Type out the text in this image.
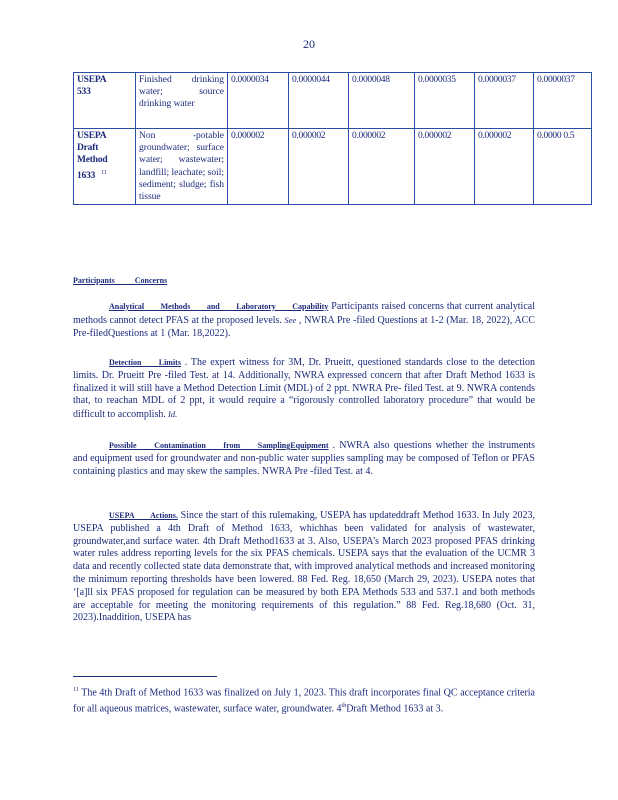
20
USEPA
533	Finished drinking water; source drinking water	0.0000034	0.0000044	0.0000048	0.0000035	0.0000037	0.0000037
USEPA
Draft
Method
1633 $^{11}$	Non -potable groundwater; surface water; wastewater; landfill; leachate; soil; sediment; sludge; fish tissue	0.000002	0.000002	0.000002	0.000002	0.000002	0.0000 0.5
Participants Concerns
Analytical Methods and Laboratory Capability Participants raised concerns that current analytical methods cannot detect PFAS at the proposed levels. See , NWRA Pre -filed Questions at 1-2 (Mar. 18, 2022), ACC Pre-filedQuestions at 1 (Mar. 18,2022).
Detection Limits . The expert witness for 3M, Dr. Prueitt, questioned standards close to the detection limits. Dr. Prueitt Pre -filed Test. at 14. Additionally, NWRA expressed concern that after Draft Method 1633 is finalized it will still have a Method Detection Limit (MDL) of 2 ppt. NWRA Pre- filed Test. at 9. NWRA contends that, to reachan MDL of 2 ppt, it would require a “rigorously controlled laboratory procedure” that would be difficult to accomplish. Id.
Possible Contamination from SamplingEquipment . NWRA also questions whether the instruments and equipment used for groundwater and non-public water supplies sampling may be composed of Teflon or PFAS containing plastics and may skew the samples. NWRA Pre -filed Test. at 4.
USEPA Actions. Since the start of this rulemaking, USEPA has updateddraft Method 1633. In July 2023, USEPA published a 4th Draft of Method 1633, whichhas been validated for analysis of wastewater, groundwater,and surface water. 4th Draft Method1633 at 3. Also, USEPA’s March 2023 proposed PFAS drinking water rules address reporting levels for the six PFAS chemicals. USEPA says that the evaluation of the UCMR 3 data and recently collected state data demonstrate that, with improved analytical methods and increased monitoring the minimum reporting thresholds have been lowered. 88 Fed. Reg. 18,650 (March 29, 2023). USEPA notes that ‘[a]ll six PFAS proposed for regulation can be measured by both EPA Methods 533 and 537.1 and both methods are acceptable for meeting the monitoring requirements of this regulation.” 88 Fed. Reg.18,680 (Oct. 31, 2023).Inaddition, USEPA has
$^{11}$ The 4th Draft of Method 1633 was finalized on July 1, 2023. This draft incorporates final QC acceptance criteria for all aqueous matrices, wastewater, surface water, groundwater. 4thDraft Method 1633 at 3.
